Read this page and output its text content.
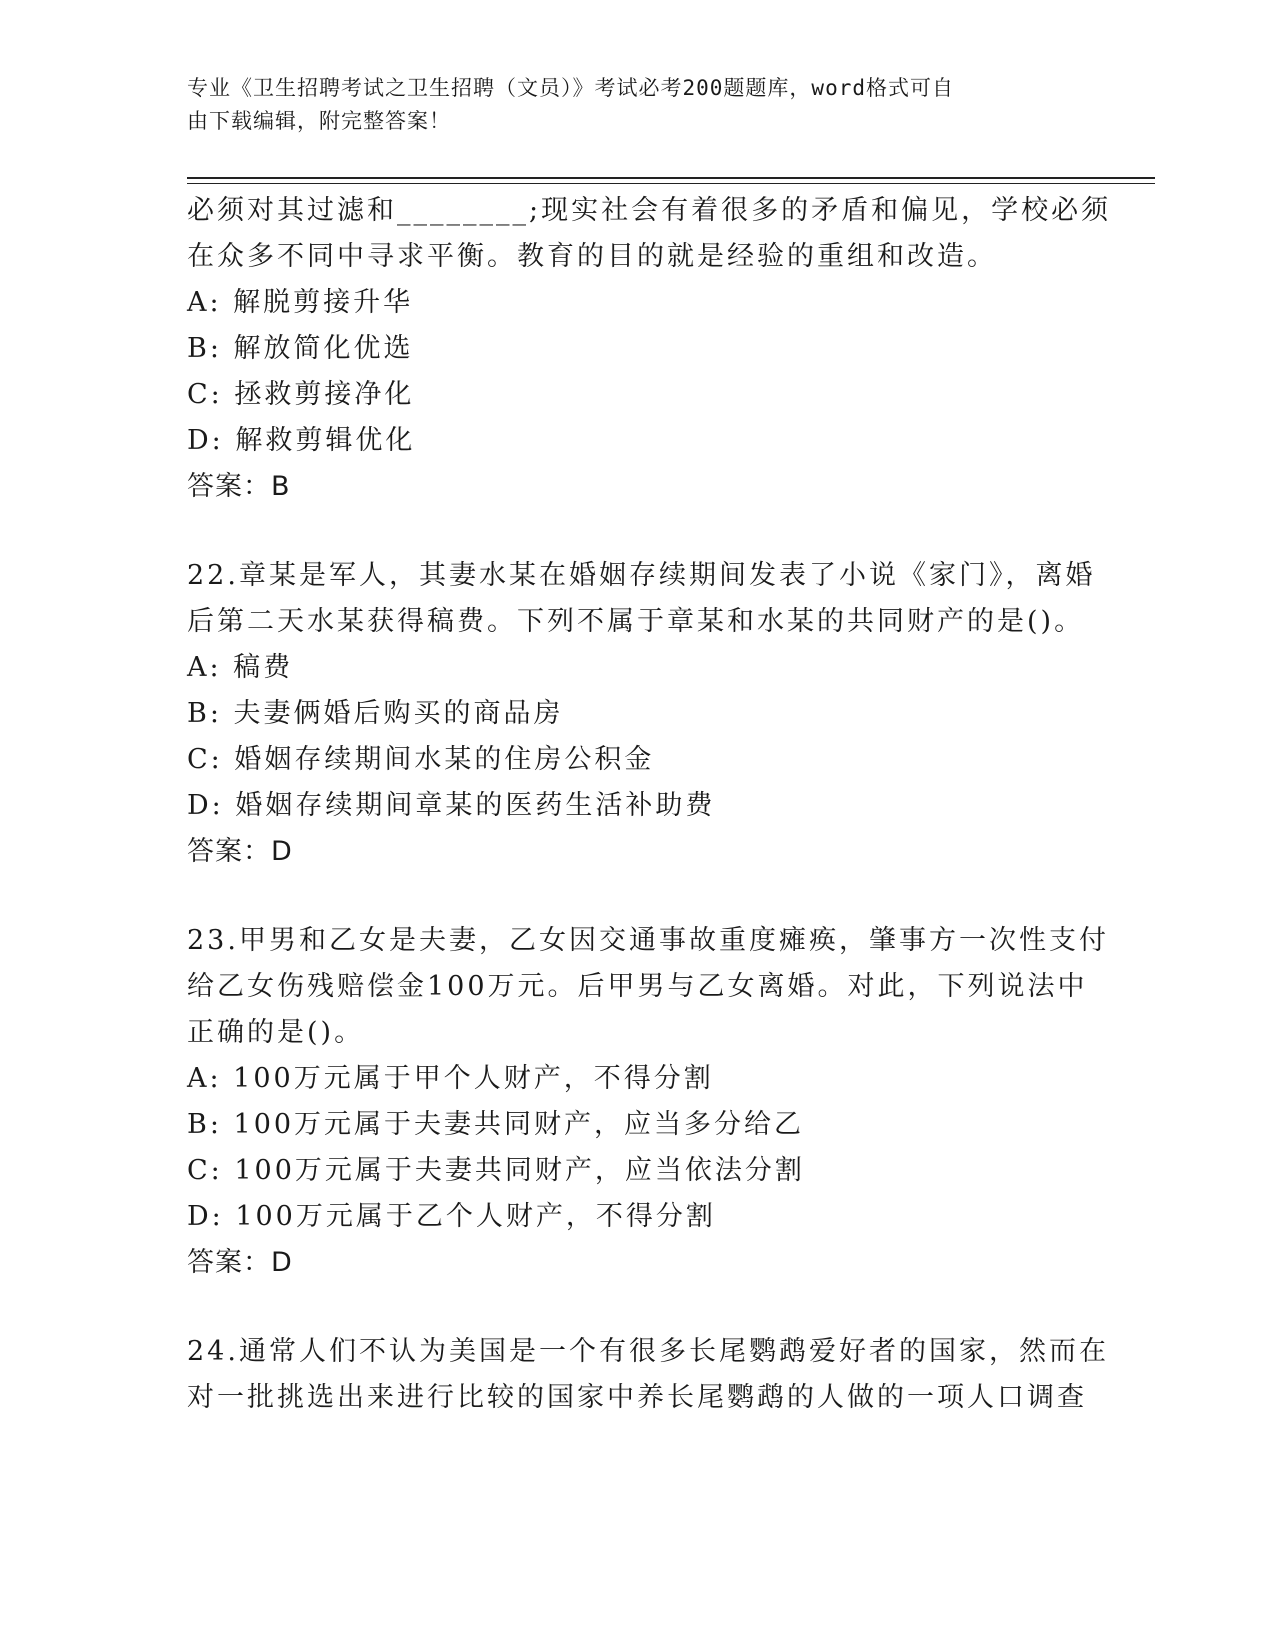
专业《卫生招聘考试之卫生招聘（文员）》考试必考200题题库，word格式可自
由下载编辑，附完整答案！
必须对其过滤和________;现实社会有着很多的矛盾和偏见，学校必须
在众多不同中寻求平衡。教育的目的就是经验的重组和改造。
A: 解脱剪接升华
B: 解放简化优选
C: 拯救剪接净化
D: 解救剪辑优化
答案：B
22.章某是军人，其妻水某在婚姻存续期间发表了小说《家门》，离婚
后第二天水某获得稿费。下列不属于章某和水某的共同财产的是()。
A: 稿费
B: 夫妻俩婚后购买的商品房
C: 婚姻存续期间水某的住房公积金
D: 婚姻存续期间章某的医药生活补助费
答案：D
23.甲男和乙女是夫妻，乙女因交通事故重度瘫痪，肇事方一次性支付
给乙女伤残赔偿金100万元。后甲男与乙女离婚。对此，下列说法中
正确的是()。
A: 100万元属于甲个人财产，不得分割
B: 100万元属于夫妻共同财产，应当多分给乙
C: 100万元属于夫妻共同财产，应当依法分割
D: 100万元属于乙个人财产，不得分割
答案：D
24.通常人们不认为美国是一个有很多长尾鹦鹉爱好者的国家，然而在
对一批挑选出来进行比较的国家中养长尾鹦鹉的人做的一项人口调查
